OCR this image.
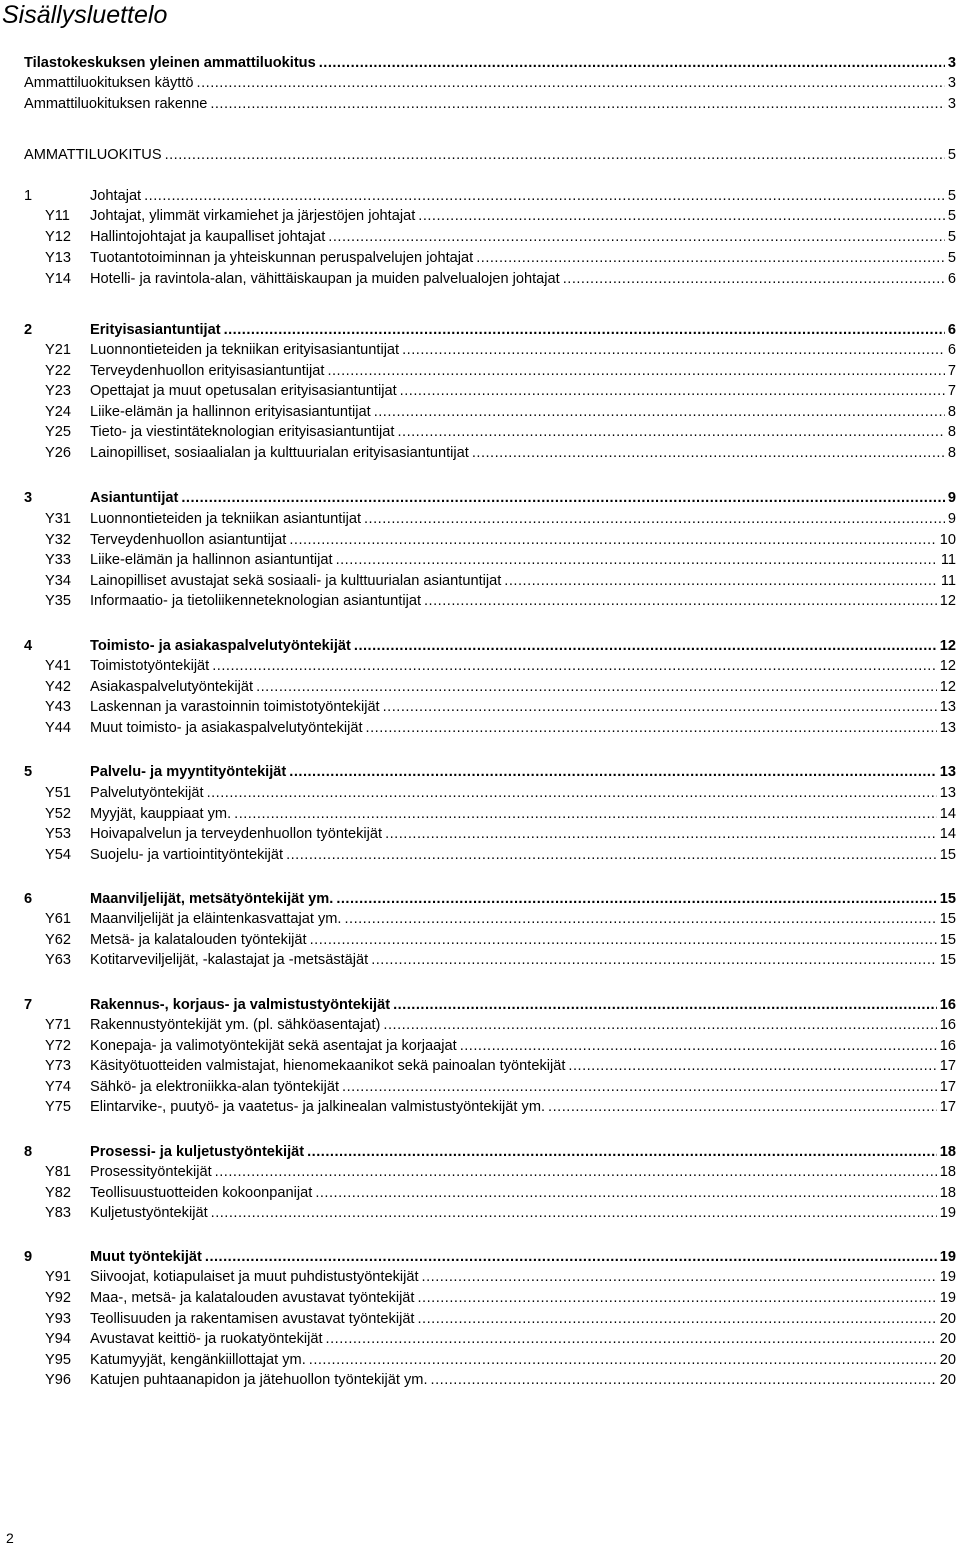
Sisällysluettelo
Tilastokeskuksen yleinen ammattiluokitus .....	3
Ammattiluokituksen käyttö .....	3
Ammattiluokituksen rakenne .....	3
AMMATTILUOKITUS .....	5
1	Johtajat .....	5
Y11	Johtajat, ylimmät virkamiehet ja järjestöjen johtajat .....	5
Y12	Hallintojohtajat ja kaupalliset johtajat .....	5
Y13	Tuotantotoiminnan ja yhteiskunnan peruspalvelujen johtajat .....	5
Y14	Hotelli- ja ravintola-alan, vähittäiskaupan ja muiden palvelualojen johtajat .....	6
2	Erityisasiantuntijat .....	6
Y21	Luonnontieteiden ja tekniikan erityisasiantuntijat .....	6
Y22	Terveydenhuollon erityisasiantuntijat .....	7
Y23	Opettajat ja muut opetusalan erityisasiantuntijat .....	7
Y24	Liike-elämän ja hallinnon erityisasiantuntijat .....	8
Y25	Tieto- ja viestintäteknologian erityisasiantuntijat .....	8
Y26	Lainopilliset, sosiaalialan ja kulttuurialan erityisasiantuntijat .....	8
3	Asiantuntijat .....	9
Y31	Luonnontieteiden ja tekniikan asiantuntijat .....	9
Y32	Terveydenhuollon asiantuntijat .....	10
Y33	Liike-elämän ja hallinnon asiantuntijat .....	11
Y34	Lainopilliset avustajat sekä sosiaali- ja kulttuurialan asiantuntijat .....	11
Y35	Informaatio- ja tietoliikenneteknologian asiantuntijat .....	12
4	Toimisto- ja asiakaspalvelutyöntekijät .....	12
Y41	Toimistotyöntekijät .....	12
Y42	Asiakaspalvelutyöntekijät .....	12
Y43	Laskennan ja varastoinnin toimistotyöntekijät .....	13
Y44	Muut toimisto- ja asiakaspalvelutyöntekijät .....	13
5	Palvelu- ja myyntityöntekijät .....	13
Y51	Palvelutyöntekijät .....	13
Y52	Myyjät, kauppiaat ym. .....	14
Y53	Hoivapalvelun ja terveydenhuollon työntekijät .....	14
Y54	Suojelu- ja vartiointityöntekijät .....	15
6	Maanviljelijät, metsätyöntekijät ym. .....	15
Y61	Maanviljelijät ja eläintenkasvattajat ym. .....	15
Y62	Metsä- ja kalatalouden työntekijät .....	15
Y63	Kotitarveviljelijät, -kalastajat ja -metsästäjät .....	15
7	Rakennus-, korjaus- ja valmistustyöntekijät .....	16
Y71	Rakennustyöntekijät ym. (pl. sähköasentajat) .....	16
Y72	Konepaja- ja valimotyöntekijät sekä asentajat ja korjaajat .....	16
Y73	Käsityötuotteiden valmistajat, hienomekaanikot sekä painoalan työntekijät .....	17
Y74	Sähkö- ja elektroniikka-alan työntekijät .....	17
Y75	Elintarvike-, puutyö- ja vaatetus- ja jalkinealan valmistustyöntekijät ym. .....	17
8	Prosessi- ja kuljetustyöntekijät .....	18
Y81	Prosessityöntekijät .....	18
Y82	Teollisuustuotteiden kokoonpanijat .....	18
Y83	Kuljetustyöntekijät .....	19
9	Muut työntekijät .....	19
Y91	Siivoojat, kotiapulaiset ja muut puhdistustyöntekijät .....	19
Y92	Maa-, metsä- ja kalatalouden avustavat työntekijät .....	19
Y93	Teollisuuden ja rakentamisen avustavat työntekijät .....	20
Y94	Avustavat keittiö- ja ruokatyöntekijät .....	20
Y95	Katumyyjät, kengänkiillottajat ym. .....	20
Y96	Katujen puhtaanapidon ja jätehuollon työntekijät ym. .....	20
2
